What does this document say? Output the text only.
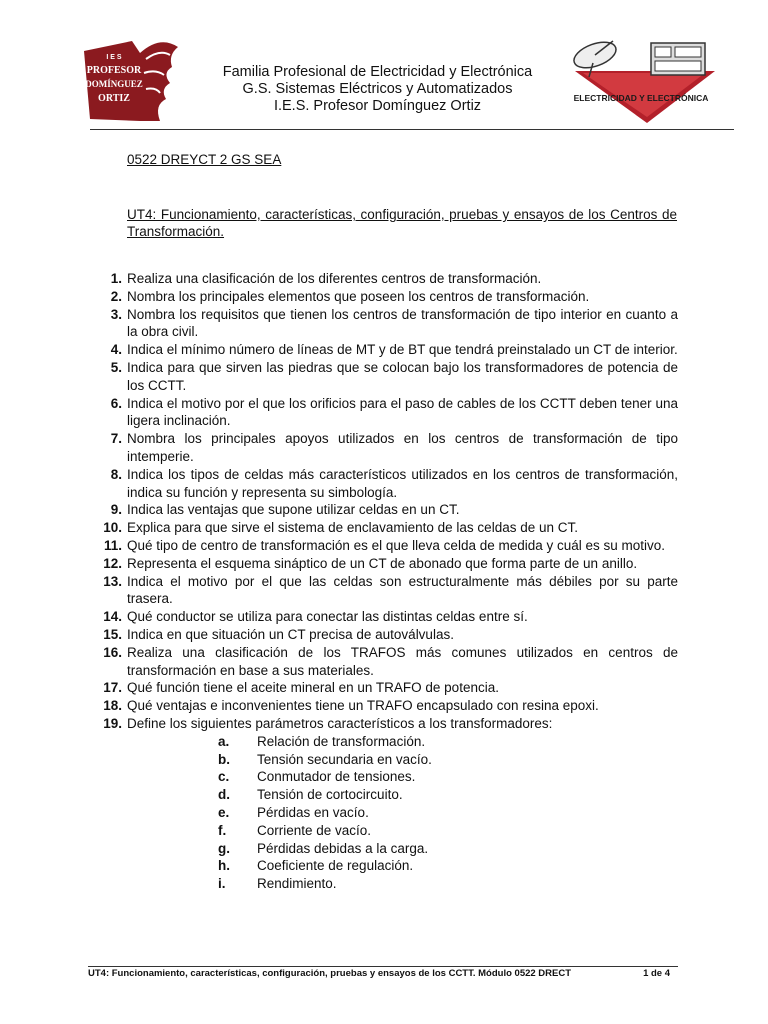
I E S
PROFESOR
DOMÍNGUEZ
ORTIZ
Familia Profesional de Electricidad y Electrónica
G.S. Sistemas Eléctricos y Automatizados
I.E.S. Profesor Domínguez Ortiz	ELECTRICIDAD Y ELECTRÓNICA
0522 DREYCT 2 GS SEA
UT4: Funcionamiento, características, configuración, pruebas y ensayos de los Centros de Transformación.
1. Realiza una clasificación de los diferentes centros de transformación.
2. Nombra los principales elementos que poseen los centros de transformación.
3. Nombra los requisitos que tienen los centros de transformación de tipo interior en cuanto a la obra civil.
4. Indica el mínimo número de líneas de MT y de BT que tendrá preinstalado un CT de interior.
5. Indica para que sirven las piedras que se colocan bajo los transformadores de potencia de los CCTT.
6. Indica el motivo por el que los orificios para el paso de cables de los CCTT deben tener una ligera inclinación.
7. Nombra los principales apoyos utilizados en los centros de transformación de tipo intemperie.
8. Indica los tipos de celdas más característicos utilizados en los centros de transformación, indica su función y representa su simbología.
9. Indica las ventajas que supone utilizar celdas en un CT.
10. Explica para que sirve el sistema de enclavamiento de las celdas de un CT.
11. Qué tipo de centro de transformación es el que lleva celda de medida y cuál es su motivo.
12. Representa el esquema sináptico de un CT de abonado que forma parte de un anillo.
13. Indica el motivo por el que las celdas son estructuralmente más débiles por su parte trasera.
14. Qué conductor se utiliza para conectar las distintas celdas entre sí.
15. Indica en que situación un CT precisa de autoválvulas.
16. Realiza una clasificación de los TRAFOS más comunes utilizados en centros de transformación en base a sus materiales.
17. Qué función tiene el aceite mineral en un TRAFO de potencia.
18. Qué ventajas e inconvenientes tiene un TRAFO encapsulado con resina epoxi.
19. Define los siguientes parámetros característicos a los transformadores:
a.	Relación de transformación.
b.	Tensión secundaria en vacío.
c.	Conmutador de tensiones.
d.	Tensión de cortocircuito.
e.	Pérdidas en vacío.
f.	Corriente de vacío.
g.	Pérdidas debidas a la carga.
h.	Coeficiente de regulación.
i.	Rendimiento.
UT4: Funcionamiento, características, configuración, pruebas y ensayos de los CCTT. Módulo 0522 DRECT	1 de 4
